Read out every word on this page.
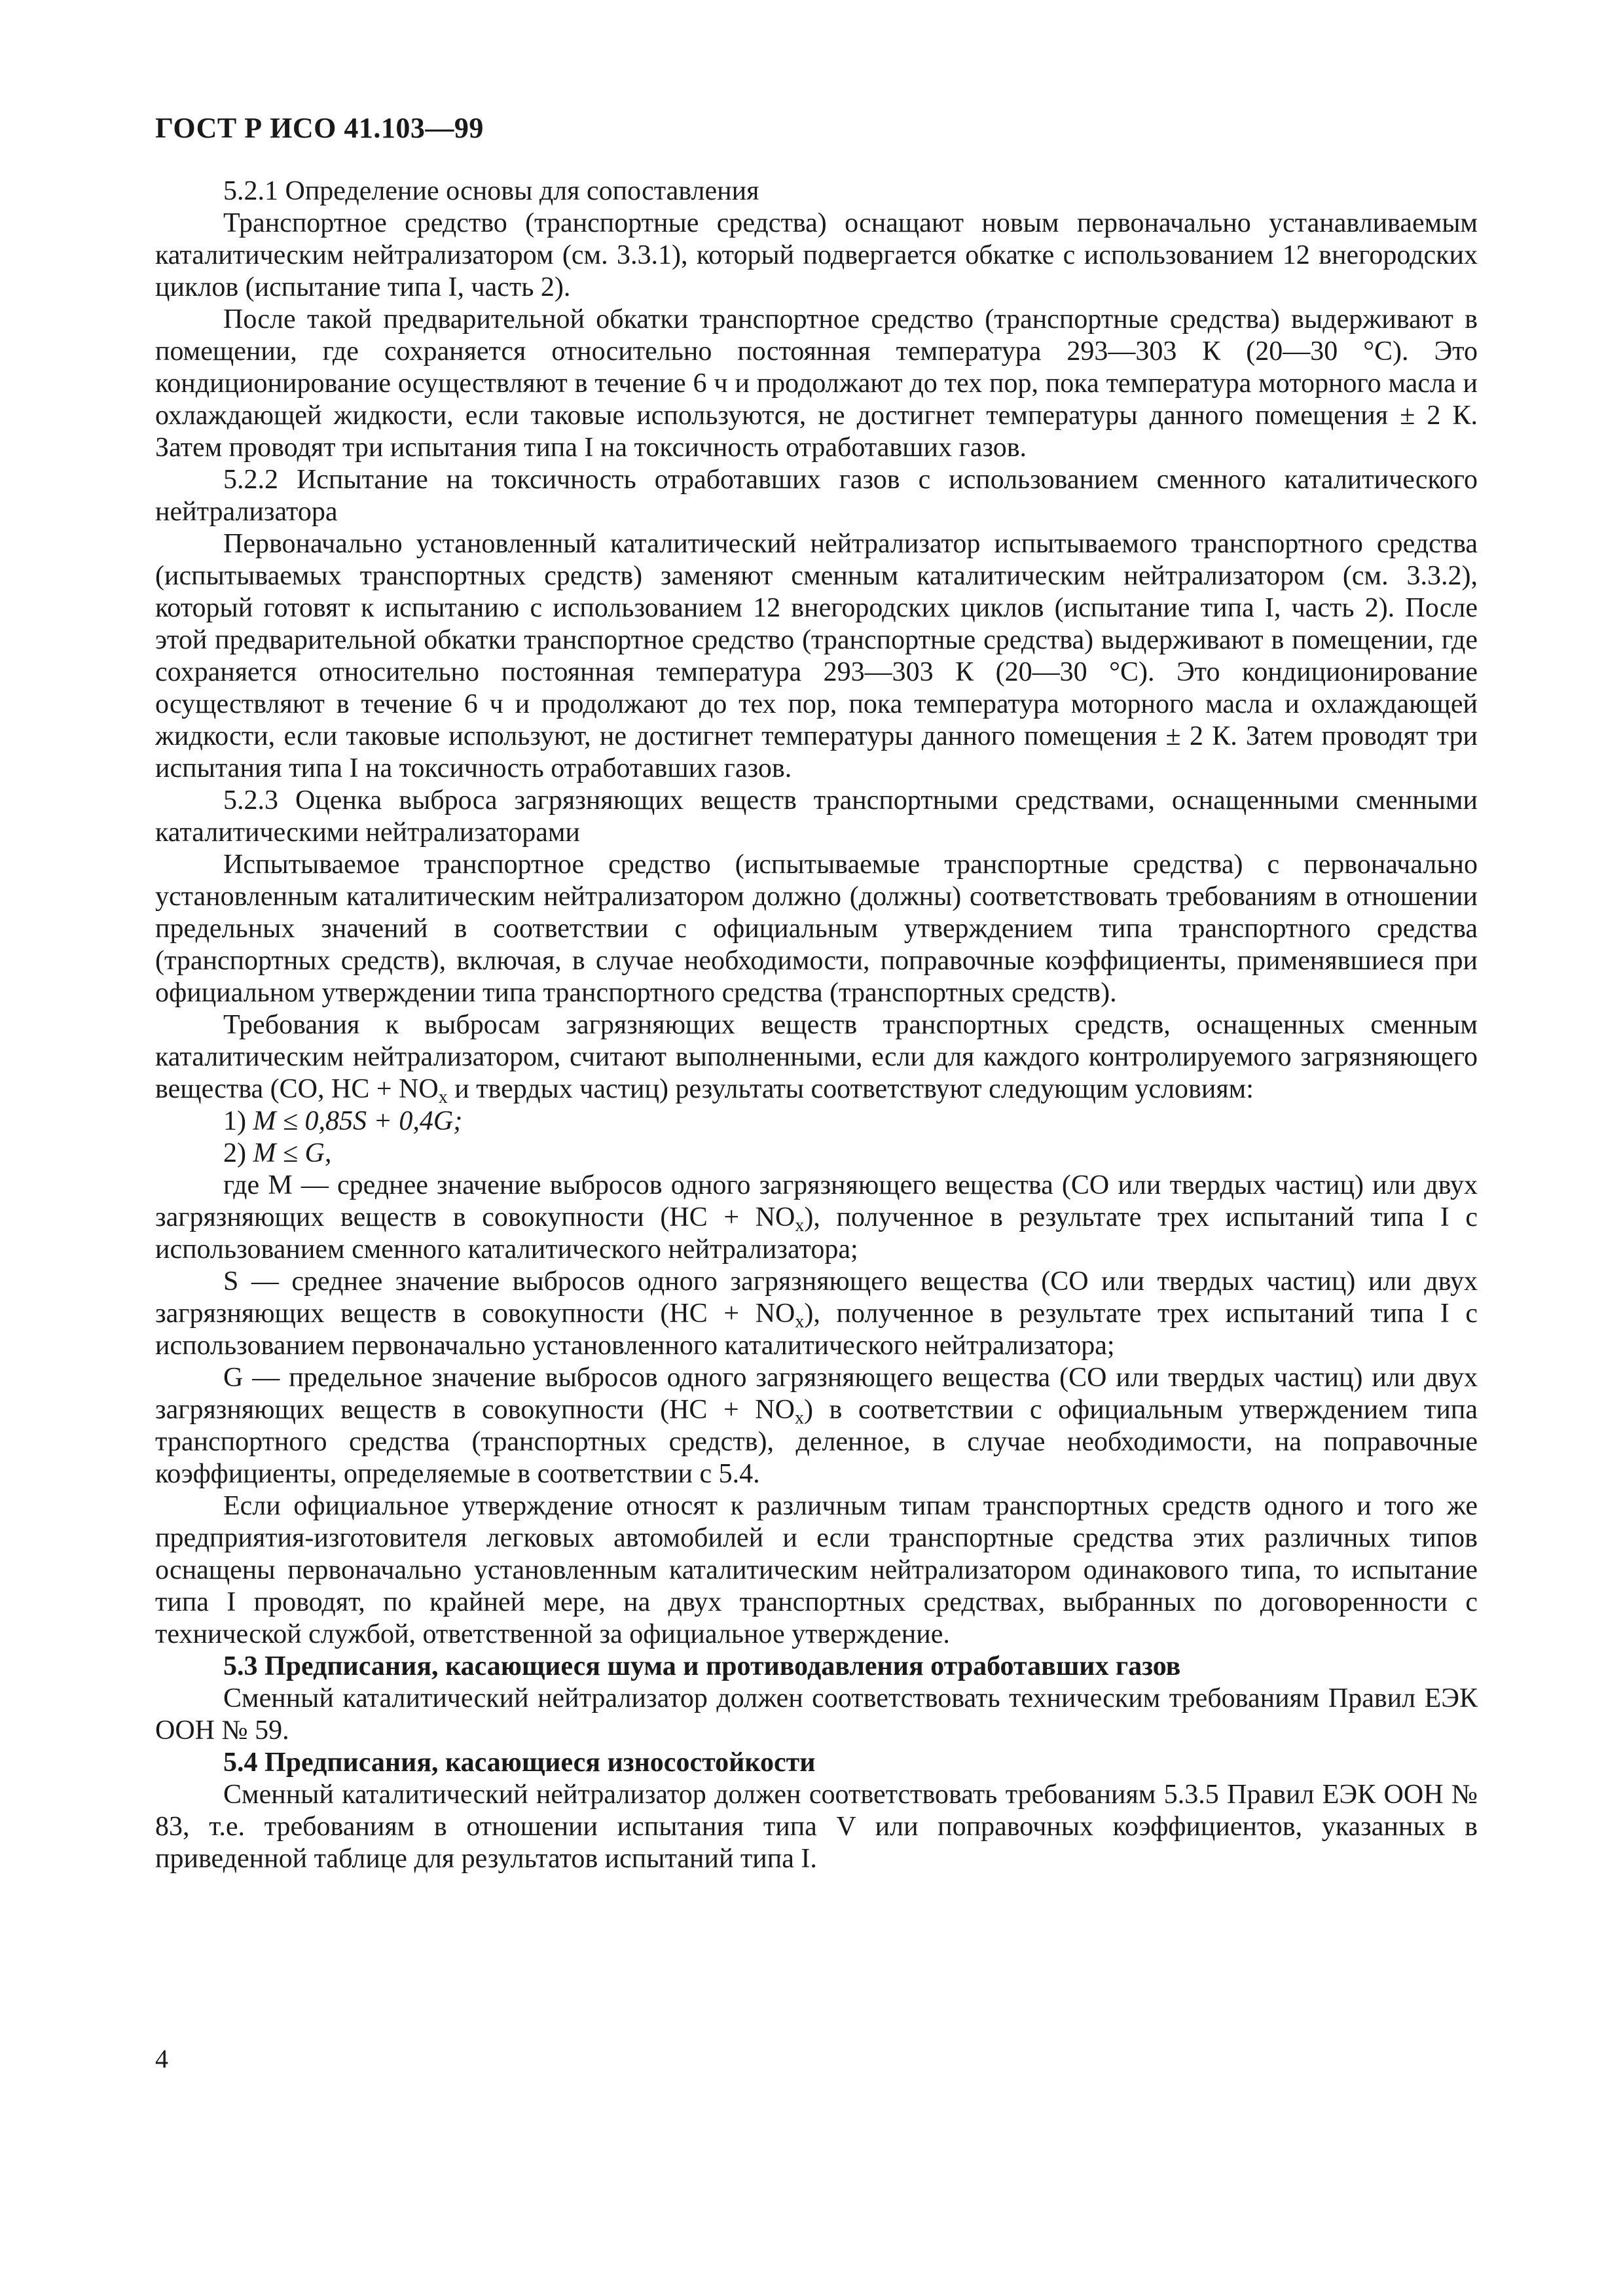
ГОСТ Р ИСО 41.103—99

5.2.1 Определение основы для сопоставления

Транспортное средство (транспортные средства) оснащают новым первоначально устанавливаемым каталитическим нейтрализатором (см. 3.3.1), который подвергается обкатке с использованием 12 внегородских циклов (испытание типа I, часть 2).

После такой предварительной обкатки транспортное средство (транспортные средства) выдерживают в помещении, где сохраняется относительно постоянная температура 293—303 К (20—30 °С). Это кондиционирование осуществляют в течение 6 ч и продолжают до тех пор, пока температура моторного масла и охлаждающей жидкости, если таковые используются, не достигнет температуры данного помещения ± 2 К. Затем проводят три испытания типа I на токсичность отработавших газов.

5.2.2 Испытание на токсичность отработавших газов с использованием сменного каталитического нейтрализатора

Первоначально установленный каталитический нейтрализатор испытываемого транспортного средства (испытываемых транспортных средств) заменяют сменным каталитическим нейтрализатором (см. 3.3.2), который готовят к испытанию с использованием 12 внегородских циклов (испытание типа I, часть 2). После этой предварительной обкатки транспортное средство (транспортные средства) выдерживают в помещении, где сохраняется относительно постоянная температура 293—303 К (20—30 °С). Это кондиционирование осуществляют в течение 6 ч и продолжают до тех пор, пока температура моторного масла и охлаждающей жидкости, если таковые используют, не достигнет температуры данного помещения ± 2 К. Затем проводят три испытания типа I на токсичность отработавших газов.

5.2.3 Оценка выброса загрязняющих веществ транспортными средствами, оснащенными сменными каталитическими нейтрализаторами

Испытываемое транспортное средство (испытываемые транспортные средства) с первоначально установленным каталитическим нейтрализатором должно (должны) соответствовать требованиям в отношении предельных значений в соответствии с официальным утверждением типа транспортного средства (транспортных средств), включая, в случае необходимости, поправочные коэффициенты, применявшиеся при официальном утверждении типа транспортного средства (транспортных средств).

Требования к выбросам загрязняющих веществ транспортных средств, оснащенных сменным каталитическим нейтрализатором, считают выполненными, если для каждого контролируемого загрязняющего вещества (CO, HC + $NO_x$ и твердых частиц) результаты соответствуют следующим условиям:

1) M ≤ 0,85S + 0,4G;

2) M ≤ G,

где M — среднее значение выбросов одного загрязняющего вещества (CO или твердых частиц) или двух загрязняющих веществ в совокупности $(HC + NO_x)$, полученное в результате трех испытаний типа I с использованием сменного каталитического нейтрализатора;

S — среднее значение выбросов одного загрязняющего вещества (CO или твердых частиц) или двух загрязняющих веществ в совокупности $(HC + NO_x)$, полученное в результате трех испытаний типа I с использованием первоначально установленного каталитического нейтрализатора;

G — предельное значение выбросов одного загрязняющего вещества (CO или твердых частиц) или двух загрязняющих веществ в совокупности $(HC + NO_x)$ в соответствии с официальным утверждением типа транспортного средства (транспортных средств), деленное, в случае необходимости, на поправочные коэффициенты, определяемые в соответствии с 5.4.

Если официальное утверждение относят к различным типам транспортных средств одного и того же предприятия-изготовителя легковых автомобилей и если транспортные средства этих различных типов оснащены первоначально установленным каталитическим нейтрализатором одинакового типа, то испытание типа I проводят, по крайней мере, на двух транспортных средствах, выбранных по договоренности с технической службой, ответственной за официальное утверждение.

5.3 Предписания, касающиеся шума и противодавления отработавших газов

Сменный каталитический нейтрализатор должен соответствовать техническим требованиям Правил ЕЭК ООН № 59.

5.4 Предписания, касающиеся износостойкости

Сменный каталитический нейтрализатор должен соответствовать требованиям 5.3.5 Правил ЕЭК ООН № 83, т.е. требованиям в отношении испытания типа V или поправочных коэффициентов, указанных в приведенной таблице для результатов испытаний типа I.

4
